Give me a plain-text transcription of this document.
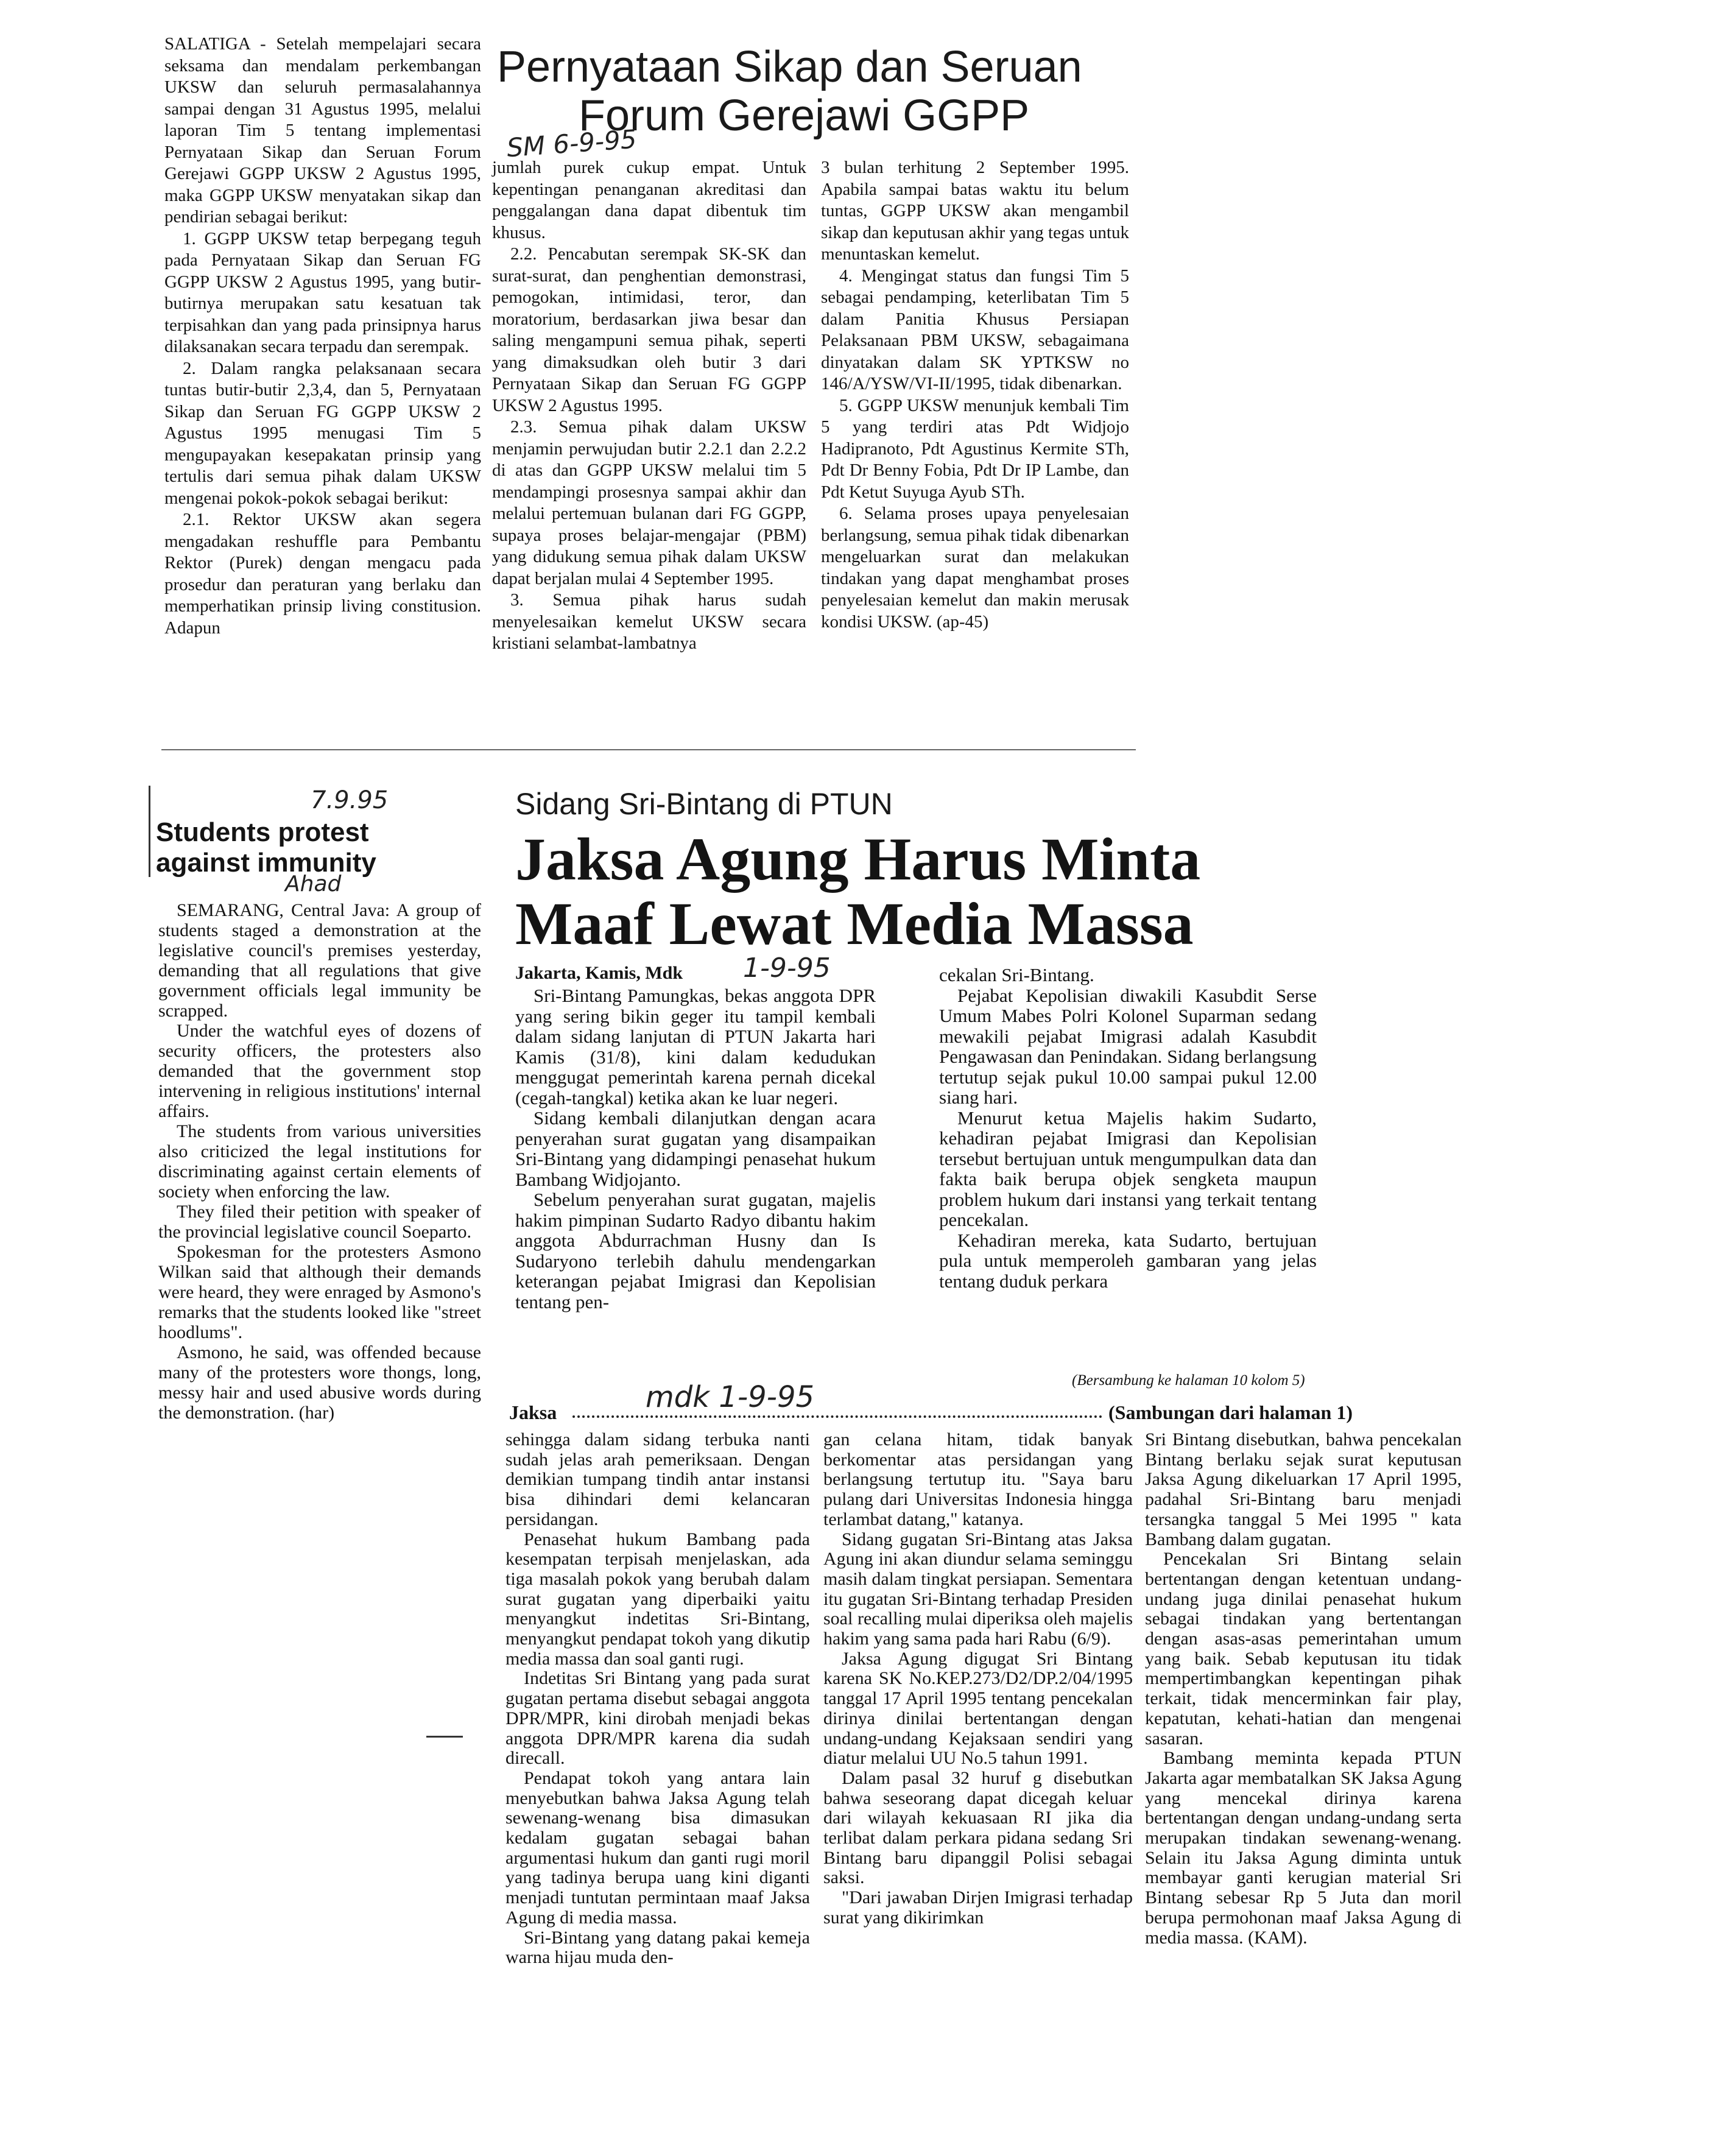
Pernyataan Sikap dan Seruan
Forum Gerejawi GGPP
SM 6-9-95

SALATIGA - Setelah mempelajari secara seksama dan mendalam perkembangan UKSW dan seluruh permasalahannya sampai dengan 31 Agustus 1995, melalui laporan Tim 5 tentang implementasi Pernyataan Sikap dan Seruan Forum Gerejawi GGPP UKSW 2 Agustus 1995, maka GGPP UKSW menyatakan sikap dan pendirian sebagai berikut:

1. GGPP UKSW tetap berpegang teguh pada Pernyataan Sikap dan Seruan FG GGPP UKSW 2 Agustus 1995, yang butir-butirnya merupakan satu kesatuan tak terpisahkan dan yang pada prinsipnya harus dilaksanakan secara terpadu dan serempak.

2. Dalam rangka pelaksanaan secara tuntas butir-butir 2,3,4, dan 5, Pernyataan Sikap dan Seruan FG GGPP UKSW 2 Agustus 1995 menugasi Tim 5 mengupayakan kesepakatan prinsip yang tertulis dari semua pihak dalam UKSW mengenai pokok-pokok sebagai berikut:

2.1. Rektor UKSW akan segera mengadakan reshuffle para Pembantu Rektor (Purek) dengan mengacu pada prosedur dan peraturan yang berlaku dan memperhatikan prinsip living constitusion. Adapun

jumlah purek cukup empat. Untuk kepentingan penanganan akreditasi dan penggalangan dana dapat dibentuk tim khusus.

2.2. Pencabutan serempak SK-SK dan surat-surat, dan penghentian demonstrasi, pemogokan, intimidasi, teror, dan moratorium, berdasarkan jiwa besar dan saling mengampuni semua pihak, seperti yang dimaksudkan oleh butir 3 dari Pernyataan Sikap dan Seruan FG GGPP UKSW 2 Agustus 1995.

2.3. Semua pihak dalam UKSW menjamin perwujudan butir 2.2.1 dan 2.2.2 di atas dan GGPP UKSW melalui tim 5 mendampingi prosesnya sampai akhir dan melalui pertemuan bulanan dari FG GGPP, supaya proses belajar-mengajar (PBM) yang didukung semua pihak dalam UKSW dapat berjalan mulai 4 September 1995.

3. Semua pihak harus sudah menyelesaikan kemelut UKSW secara kristiani selambat-lambatnya

3 bulan terhitung 2 September 1995. Apabila sampai batas waktu itu belum tuntas, GGPP UKSW akan mengambil sikap dan keputusan akhir yang tegas untuk menuntaskan kemelut.

4. Mengingat status dan fungsi Tim 5 sebagai pendamping, keterlibatan Tim 5 dalam Panitia Khusus Persiapan Pelaksanaan PBM UKSW, sebagaimana dinyatakan dalam SK YPTKSW no 146/A/YSW/VI-II/1995, tidak dibenarkan.

5. GGPP UKSW menunjuk kembali Tim 5 yang terdiri atas Pdt Widjojo Hadipranoto, Pdt Agustinus Kermite STh, Pdt Dr Benny Fobia, Pdt Dr IP Lambe, dan Pdt Ketut Suyuga Ayub STh.

6. Selama proses upaya penyelesaian berlangsung, semua pihak tidak dibenarkan mengeluarkan surat dan melakukan tindakan yang dapat menghambat proses penyelesaian kemelut dan makin merusak kondisi UKSW. (ap-45)

7.9.95
Students protest
against immunity
Ahad

SEMARANG, Central Java: A group of students staged a demonstration at the legislative council's premises yesterday, demanding that all regulations that give government officials legal immunity be scrapped.

Under the watchful eyes of dozens of security officers, the protesters also demanded that the government stop intervening in religious institutions' internal affairs.

The students from various universities also criticized the legal institutions for discriminating against certain elements of society when enforcing the law.

They filed their petition with speaker of the provincial legislative council Soeparto.

Spokesman for the protesters Asmono Wilkan said that although their demands were heard, they were enraged by Asmono's remarks that the students looked like "street hoodlums".

Asmono, he said, was offended because many of the protesters wore thongs, long, messy hair and used abusive words during the demonstration. (har)

Sidang Sri-Bintang di PTUN
Jaksa Agung Harus Minta
Maaf Lewat Media Massa
Jakarta, Kamis, Mdk 1-9-95

Sri-Bintang Pamungkas, bekas anggota DPR yang sering bikin geger itu tampil kembali dalam sidang lanjutan di PTUN Jakarta hari Kamis (31/8), kini dalam kedudukan menggugat pemerintah karena pernah dicekal (cegah-tangkal) ketika akan ke luar negeri.

Sidang kembali dilanjutkan dengan acara penyerahan surat gugatan yang disampaikan Sri-Bintang yang didampingi penasehat hukum Bambang Widjojanto.

Sebelum penyerahan surat gugatan, majelis hakim pimpinan Sudarto Radyo dibantu hakim anggota Abdurrachman Husny dan Is Sudaryono terlebih dahulu mendengarkan keterangan pejabat Imigrasi dan Kepolisian tentang pen-

cekalan Sri-Bintang.

Pejabat Kepolisian diwakili Kasubdit Serse Umum Mabes Polri Kolonel Suparman sedang mewakili pejabat Imigrasi adalah Kasubdit Pengawasan dan Penindakan. Sidang berlangsung tertutup sejak pukul 10.00 sampai pukul 12.00 siang hari.

Menurut ketua Majelis hakim Sudarto, kehadiran pejabat Imigrasi dan Kepolisian tersebut bertujuan untuk mengumpulkan data dan fakta baik berupa objek sengketa maupun problem hukum dari instansi yang terkait tentang pencekalan.

Kehadiran mereka, kata Sudarto, bertujuan pula untuk memperoleh gambaran yang jelas tentang duduk perkara

(Bersambung ke halaman 10 kolom 5)
Jaksa	mdk 1-9-95	(Sambungan dari halaman 1)

sehingga dalam sidang terbuka nanti sudah jelas arah pemeriksaan. Dengan demikian tumpang tindih antar instansi bisa dihindari demi kelancaran persidangan.

Penasehat hukum Bambang pada kesempatan terpisah menjelaskan, ada tiga masalah pokok yang berubah dalam surat gugatan yang diperbaiki yaitu menyangkut indetitas Sri-Bintang, menyangkut pendapat tokoh yang dikutip media massa dan soal ganti rugi.

Indetitas Sri Bintang yang pada surat gugatan pertama disebut sebagai anggota DPR/MPR, kini dirobah menjadi bekas anggota DPR/MPR karena dia sudah direcall.

Pendapat tokoh yang antara lain menyebutkan bahwa Jaksa Agung telah sewenang-wenang bisa dimasukan kedalam gugatan sebagai bahan argumentasi hukum dan ganti rugi moril yang tadinya berupa uang kini diganti menjadi tuntutan permintaan maaf Jaksa Agung di media massa.

Sri-Bintang yang datang pakai kemeja warna hijau muda den-

gan celana hitam, tidak banyak berkomentar atas persidangan yang berlangsung tertutup itu. "Saya baru pulang dari Universitas Indonesia hingga terlambat datang," katanya.

Sidang gugatan Sri-Bintang atas Jaksa Agung ini akan diundur selama seminggu masih dalam tingkat persiapan. Sementara itu gugatan Sri-Bintang terhadap Presiden soal recalling mulai diperiksa oleh majelis hakim yang sama pada hari Rabu (6/9).

Jaksa Agung digugat Sri Bintang karena SK No.KEP.273/D2/DP.2/04/1995 tanggal 17 April 1995 tentang pencekalan dirinya dinilai bertentangan dengan undang-undang Kejaksaan sendiri yang diatur melalui UU No.5 tahun 1991.

Dalam pasal 32 huruf g disebutkan bahwa seseorang dapat dicegah keluar dari wilayah kekuasaan RI jika dia terlibat dalam perkara pidana sedang Sri Bintang baru dipanggil Polisi sebagai saksi.

"Dari jawaban Dirjen Imigrasi terhadap surat yang dikirimkan

Sri Bintang disebutkan, bahwa pencekalan Bintang berlaku sejak surat keputusan Jaksa Agung dikeluarkan 17 April 1995, padahal Sri-Bintang baru menjadi tersangka tanggal 5 Mei 1995 " kata Bambang dalam gugatan.

Pencekalan Sri Bintang selain bertentangan dengan ketentuan undang-undang juga dinilai penasehat hukum sebagai tindakan yang bertentangan dengan asas-asas pemerintahan umum yang baik. Sebab keputusan itu tidak mempertimbangkan kepentingan pihak terkait, tidak mencerminkan fair play, kepatutan, kehati-hatian dan mengenai sasaran.

Bambang meminta kepada PTUN Jakarta agar membatalkan SK Jaksa Agung yang mencekal dirinya karena bertentangan dengan undang-undang serta merupakan tindakan sewenang-wenang. Selain itu Jaksa Agung diminta untuk membayar ganti kerugian material Sri Bintang sebesar Rp 5 Juta dan moril berupa permohonan maaf Jaksa Agung di media massa. (KAM).
